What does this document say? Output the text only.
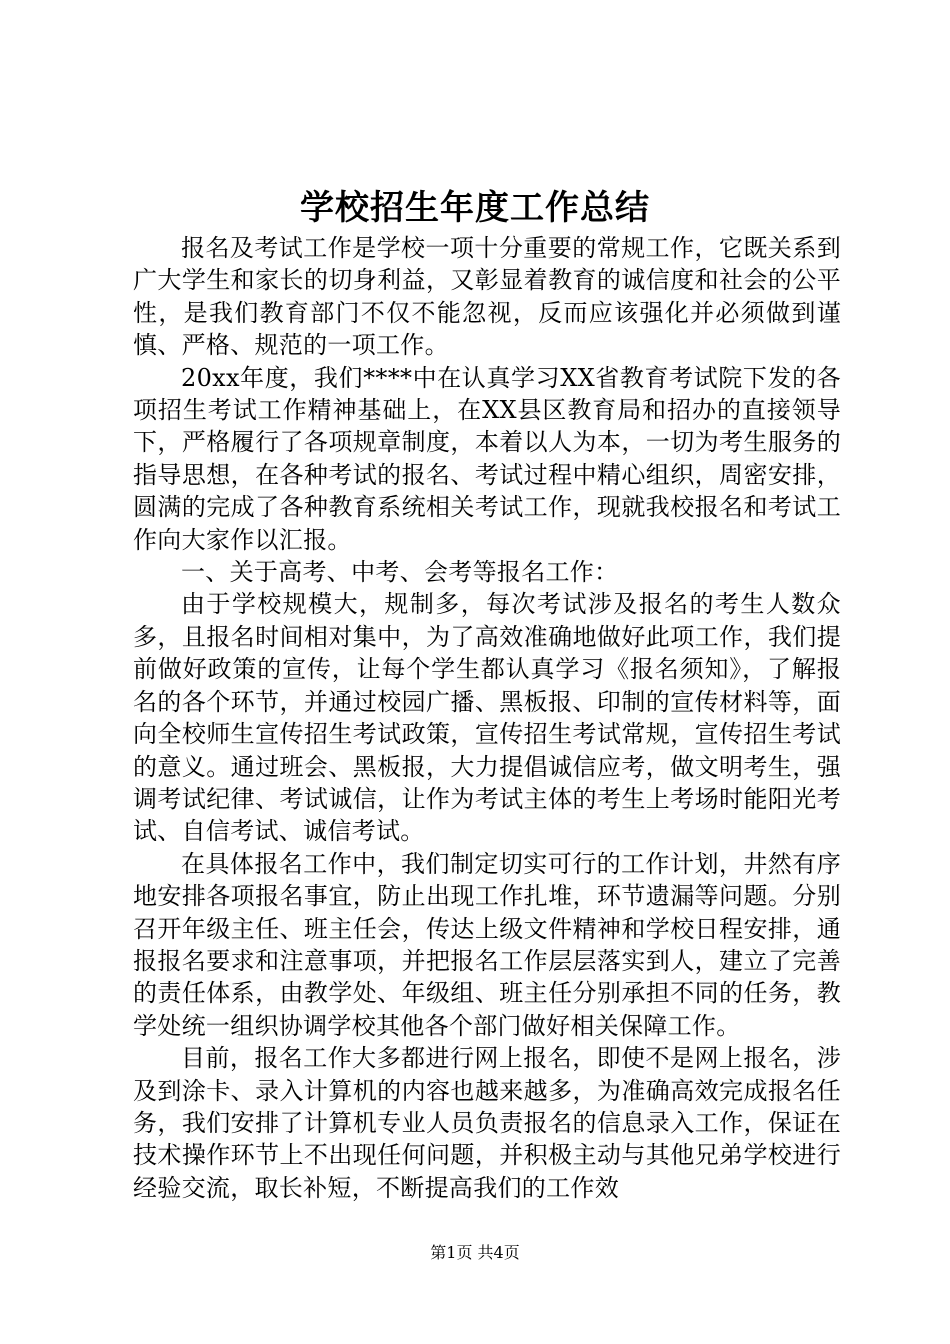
学校招生年度工作总结

报名及考试工作是学校一项十分重要的常规工作，它既关系到广大学生和家长的切身利益，又彰显着教育的诚信度和社会的公平性，是我们教育部门不仅不能忽视，反而应该强化并必须做到谨慎、严格、规范的一项工作。

20xx年度，我们****中在认真学习XX省教育考试院下发的各项招生考试工作精神基础上，在XX县区教育局和招办的直接领导下，严格履行了各项规章制度，本着以人为本，一切为考生服务的指导思想，在各种考试的报名、考试过程中精心组织，周密安排，圆满的完成了各种教育系统相关考试工作，现就我校报名和考试工作向大家作以汇报。

一、关于高考、中考、会考等报名工作：

由于学校规模大，规制多，每次考试涉及报名的考生人数众多，且报名时间相对集中，为了高效准确地做好此项工作，我们提前做好政策的宣传，让每个学生都认真学习《报名须知》，了解报名的各个环节，并通过校园广播、黑板报、印制的宣传材料等，面向全校师生宣传招生考试政策，宣传招生考试常规，宣传招生考试的意义。通过班会、黑板报，大力提倡诚信应考，做文明考生，强调考试纪律、考试诚信，让作为考试主体的考生上考场时能阳光考试、自信考试、诚信考试。

在具体报名工作中，我们制定切实可行的工作计划，井然有序地安排各项报名事宜，防止出现工作扎堆，环节遗漏等问题。分别召开年级主任、班主任会，传达上级文件精神和学校日程安排，通报报名要求和注意事项，并把报名工作层层落实到人，建立了完善的责任体系，由教学处、年级组、班主任分别承担不同的任务，教学处统一组织协调学校其他各个部门做好相关保障工作。

目前，报名工作大多都进行网上报名，即使不是网上报名，涉及到涂卡、录入计算机的内容也越来越多，为准确高效完成报名任务，我们安排了计算机专业人员负责报名的信息录入工作，保证在技术操作环节上不出现任何问题，并积极主动与其他兄弟学校进行经验交流，取长补短，不断提高我们的工作效

第1页 共4页
